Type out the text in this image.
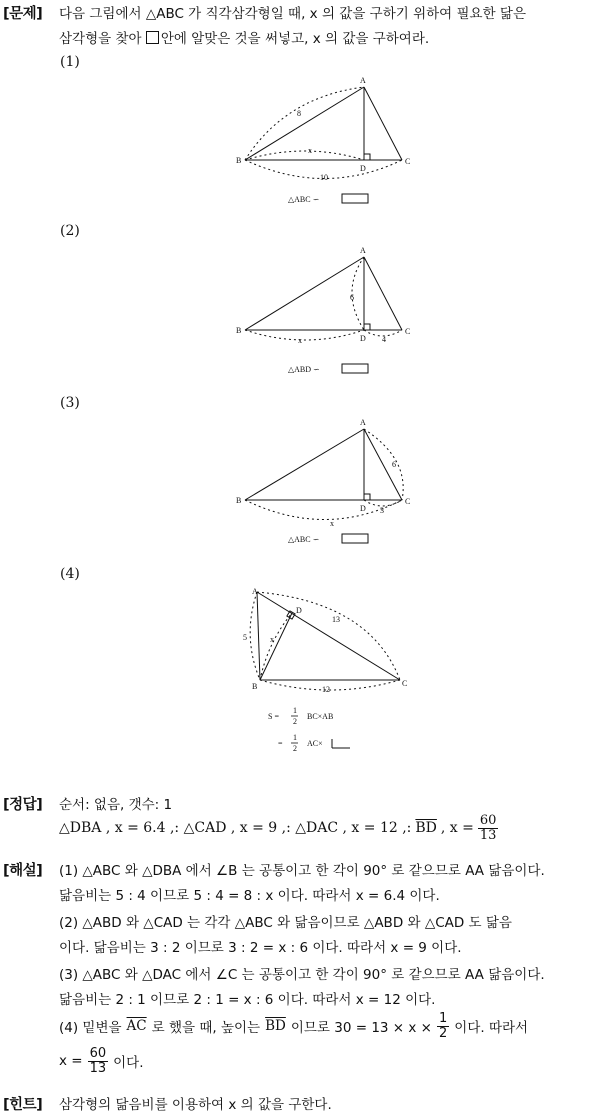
[문제] 다음 그림에서 △ABC 가 직각삼각형일 때, x 의 값을 구하기 위하여 필요한 닮은
삼각형을 찾아 안에 알맞은 것을 써넣고, x 의 값을 구하여라.
(1)
(2)
(3)
(4)
A
B	C
D
8
x
10
△ABC ∽
A
B	C
D
6
x	4
△ABD ∽
A
B	C
D
6
x
3
△ABC ∽
A
B	C
D
5	x
13
12
S =
1
2
BC×AB
=
1
2
AC×
[정답] 순서: 없음, 갯수: 1
△DBA , x = 6.4 ,: △CAD , x = 9 ,: △DAC , x = 12 ,: $\overline{BD}$ , $x = \frac{60}{13}$
[해설] (1) △ABC 와 △DBA 에서 ∠B 는 공통이고 한 각이 90° 로 같으므로 AA 닮음이다.
닮음비는 5 : 4 이므로 5 : 4 = 8 : x 이다. 따라서 x = 6.4 이다.
(2) △ABD 와 △CAD 는 각각 △ABC 와 닮음이므로 △ABD 와 △CAD 도 닮음
이다. 닮음비는 3 : 2 이므로 3 : 2 = x : 6 이다. 따라서 x = 9 이다.
(3) △ABC 와 △DAC 에서 ∠C 는 공통이고 한 각이 90° 로 같으므로 AA 닮음이다.
닮음비는 2 : 1 이므로 2 : 1 = x : 6 이다. 따라서 x = 12 이다.
(4) 밑변을 $\overline{AC}$ 로 했을 때, 높이는 $\overline{BD}$ 이므로 $30 = 13 \times x \times \frac{1}{2}$ 이다. 따라서
$x = \frac{60}{13}$ 이다.
[힌트] 삼각형의 닮음비를 이용하여 x 의 값을 구한다.
